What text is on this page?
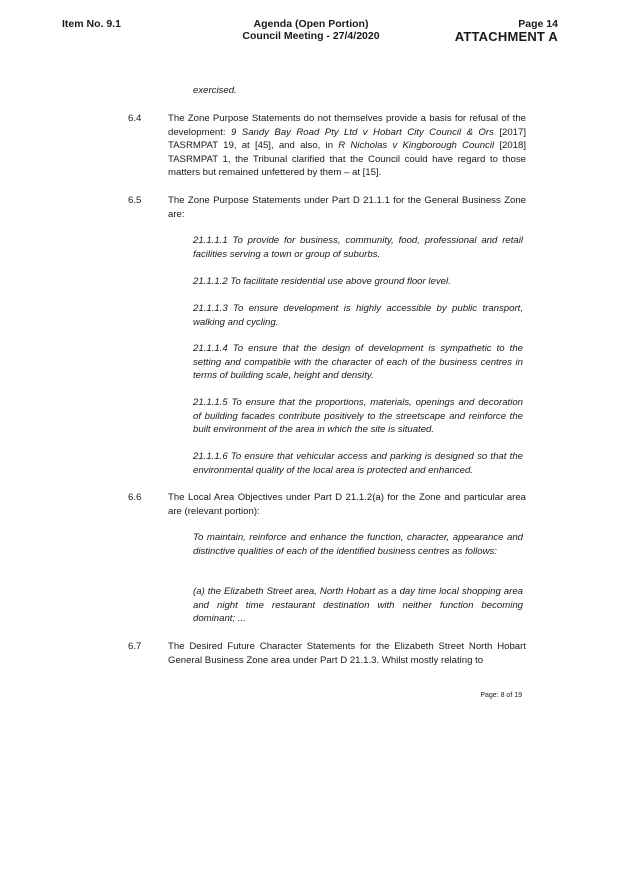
Item No. 9.1	Agenda (Open Portion)
Council Meeting - 27/4/2020
Page 14
ATTACHMENT A
exercised.
6.4	The Zone Purpose Statements do not themselves provide a basis for refusal of the development: 9 Sandy Bay Road Pty Ltd v Hobart City Council & Ors [2017] TASRMPAT 19, at [45], and also, in R Nicholas v Kingborough Council [2018] TASRMPAT 1, the Tribunal clarified that the Council could have regard to those matters but remained unfettered by them – at [15].
6.5	The Zone Purpose Statements under Part D 21.1.1 for the General Business Zone are:
21.1.1.1 To provide for business, community, food, professional and retail facilities serving a town or group of suburbs.
21.1.1.2 To facilitate residential use above ground floor level.
21.1.1.3 To ensure development is highly accessible by public transport, walking and cycling.
21.1.1.4 To ensure that the design of development is sympathetic to the setting and compatible with the character of each of the business centres in terms of building scale, height and density.
21.1.1.5 To ensure that the proportions, materials, openings and decoration of building facades contribute positively to the streetscape and reinforce the built environment of the area in which the site is situated.
21.1.1.6 To ensure that vehicular access and parking is designed so that the environmental quality of the local area is protected and enhanced.
6.6	The Local Area Objectives under Part D 21.1.2(a) for the Zone and particular area are (relevant portion):
To maintain, reinforce and enhance the function, character, appearance and distinctive qualities of each of the identified business centres as follows:
(a) the Elizabeth Street area, North Hobart as a day time local shopping area and night time restaurant destination with neither function becoming dominant; ...
6.7	The Desired Future Character Statements for the Elizabeth Street North Hobart General Business Zone area under Part D 21.1.3. Whilst mostly relating to
Page: 8 of 19
